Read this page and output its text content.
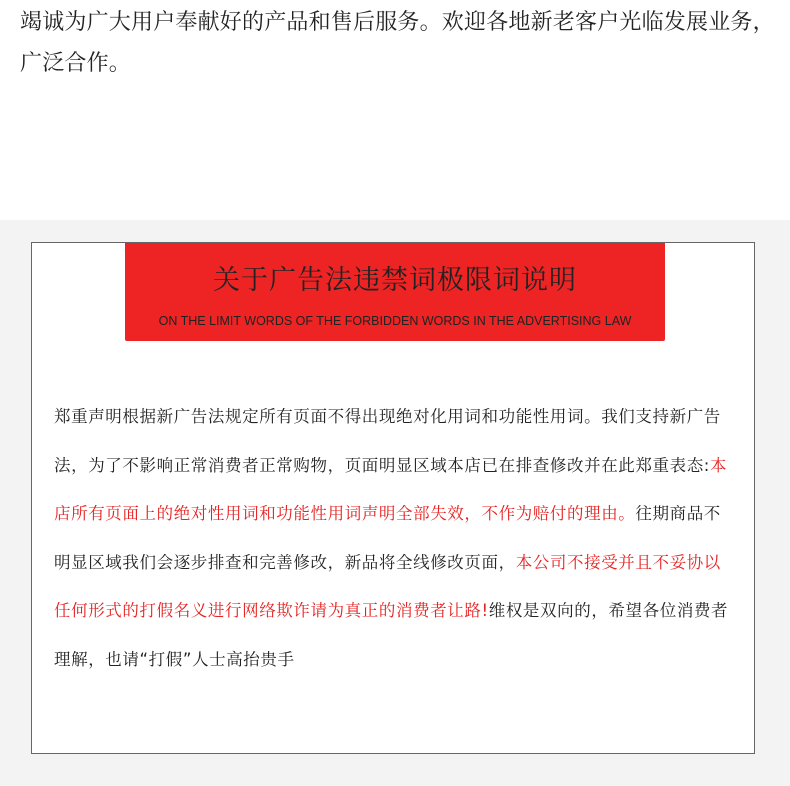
竭诚为广大用户奉献好的产品和售后服务。欢迎各地新老客户光临发展业务，广泛合作。

关于广告法违禁词极限词说明

ON THE LIMIT WORDS OF THE FORBIDDEN WORDS IN THE ADVERTISING LAW

郑重声明根据新广告法规定所有页面不得出现绝对化用词和功能性用词。我们支持新广告法，为了不影响正常消费者正常购物，页面明显区域本店已在排查修改并在此郑重表态:本店所有页面上的绝对性用词和功能性用词声明全部失效，不作为赔付的理由。往期商品不明显区域我们会逐步排查和完善修改，新品将全线修改页面，本公司不接受并且不妥协以任何形式的打假名义进行网络欺诈请为真正的消费者让路!维权是双向的，希望各位消费者理解，也请“打假”人士高抬贵手
